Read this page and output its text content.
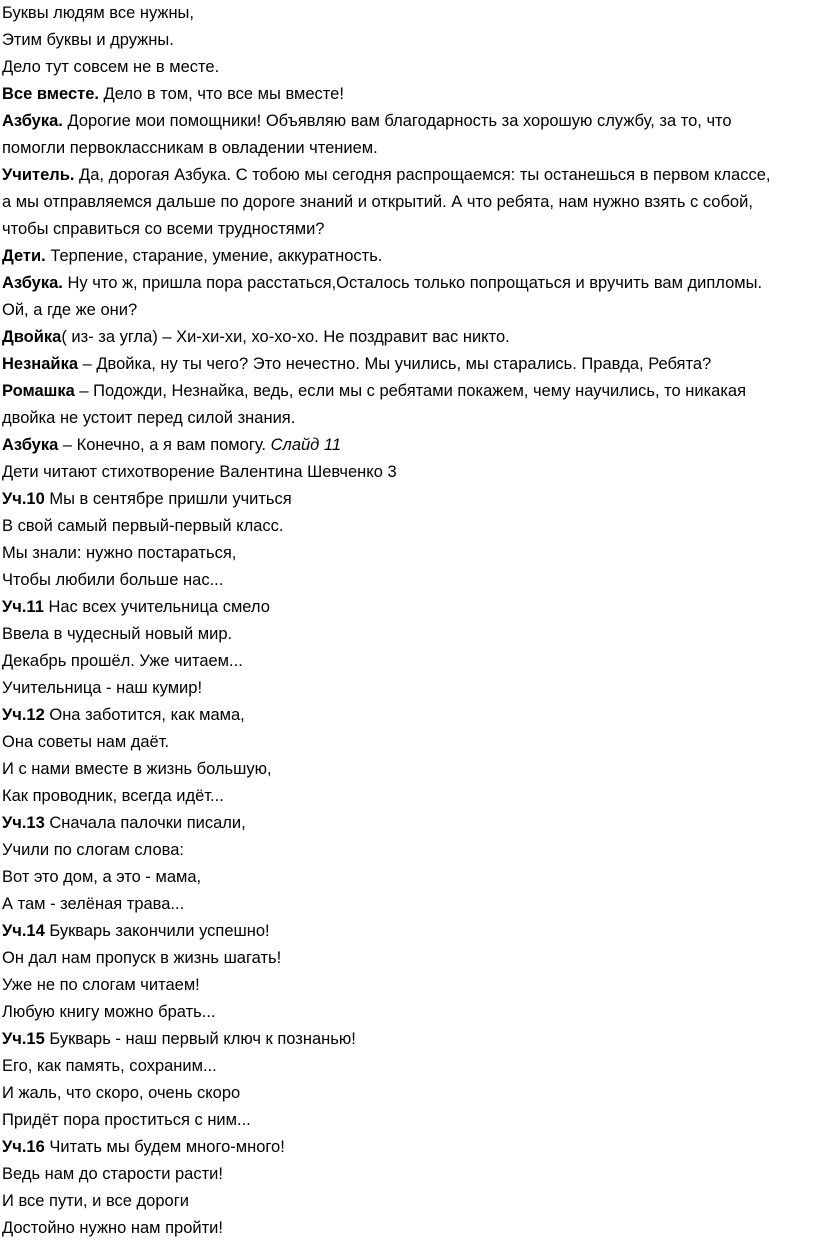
Буквы людям все нужны,
Этим буквы и дружны.
Дело тут совсем не в месте.
Все вместе. Дело в том, что все мы вместе!
Азбука. Дорогие мои помощники! Объявляю вам благодарность за хорошую службу, за то, что
помогли первоклассникам в овладении чтением.
Учитель. Да, дорогая Азбука. С тобою мы сегодня распрощаемся: ты останешься в первом классе,
а мы отправляемся дальше по дороге знаний и открытий. А что ребята, нам нужно взять с собой,
чтобы справиться со всеми трудностями?
Дети. Терпение, старание, умение, аккуратность.
Азбука. Ну что ж, пришла пора расстаться,Осталось только попрощаться и вручить вам дипломы.
Ой, а где же они?
Двойка( из- за угла) – Хи-хи-хи, хо-хо-хо. Не поздравит вас никто.
Незнайка – Двойка, ну ты чего? Это нечестно. Мы учились, мы старались. Правда, Ребята?
Ромашка – Подожди, Незнайка, ведь, если мы с ребятами покажем, чему научились, то никакая
двойка не устоит перед силой знания.
Азбука – Конечно, а я вам помогу. Слайд 11
Дети читают стихотворение Валентина Шевченко 3
Уч.10 Мы в сентябре пришли учиться
В свой самый первый-первый класс.
Мы знали: нужно постараться,
Чтобы любили больше нас...
Уч.11 Нас всех учительница смело
Ввела в чудесный новый мир.
Декабрь прошёл. Уже читаем...
Учительница - наш кумир!
Уч.12 Она заботится, как мама,
Она советы нам даёт.
И с нами вместе в жизнь большую,
Как проводник, всегда идёт...
Уч.13 Сначала палочки писали,
Учили по слогам слова:
Вот это дом, а это - мама,
А там - зелёная трава...
Уч.14 Букварь закончили успешно!
Он дал нам пропуск в жизнь шагать!
Уже не по слогам читаем!
Любую книгу можно брать...
Уч.15 Букварь - наш первый ключ к познанью!
Его, как память, сохраним...
И жаль, что скоро, очень скоро
Придёт пора проститься с ним...
Уч.16 Читать мы будем много-много!
Ведь нам до старости расти!
И все пути, и все дороги
Достойно нужно нам пройти!
